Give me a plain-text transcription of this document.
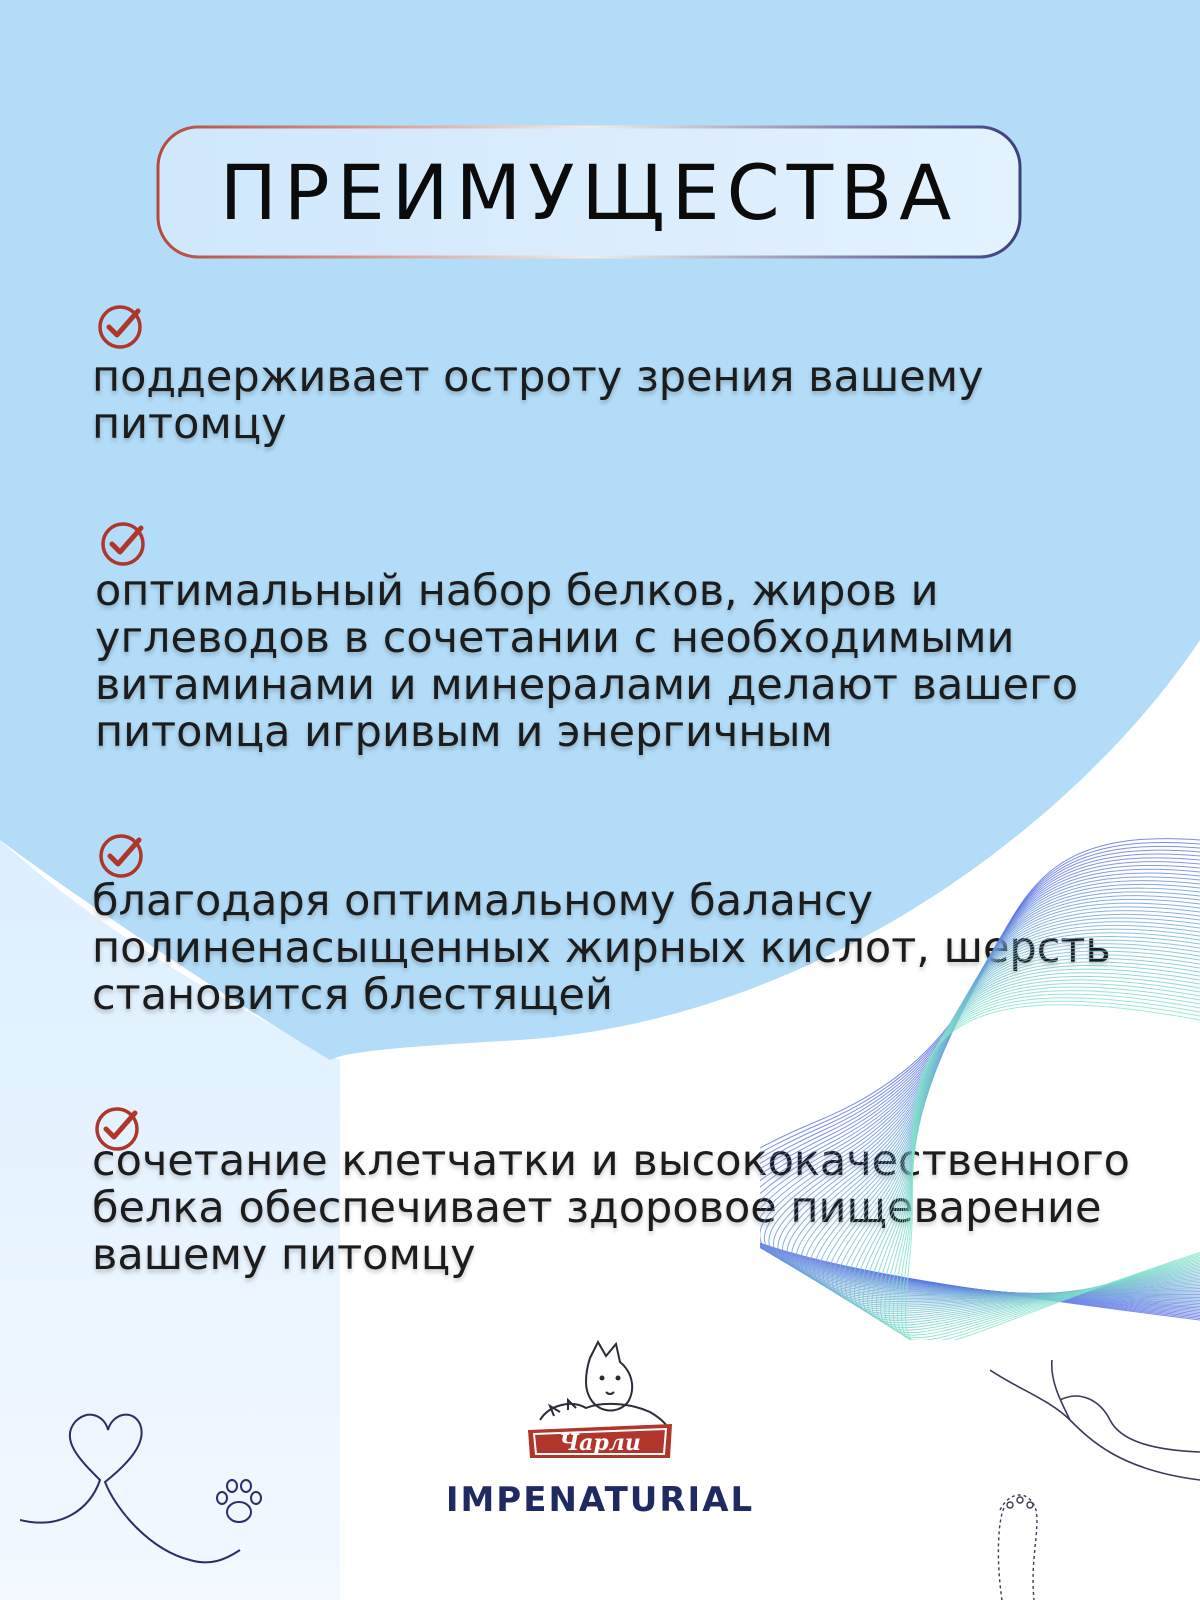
ПРЕИМУЩЕСТВА
поддерживает остроту зрения вашему
питомцу
оптимальный набор белков, жиров и
углеводов в сочетании с необходимыми
витаминами и минералами делают вашего
питомца игривым и энергичным
благодаря оптимальному балансу
полиненасыщенных жирных кислот, шерсть
становится блестящей
сочетание клетчатки и высококачественного
белка обеспечивает здоровое пищеварение
вашему питомцу
Чарли
IMPENATURIAL
